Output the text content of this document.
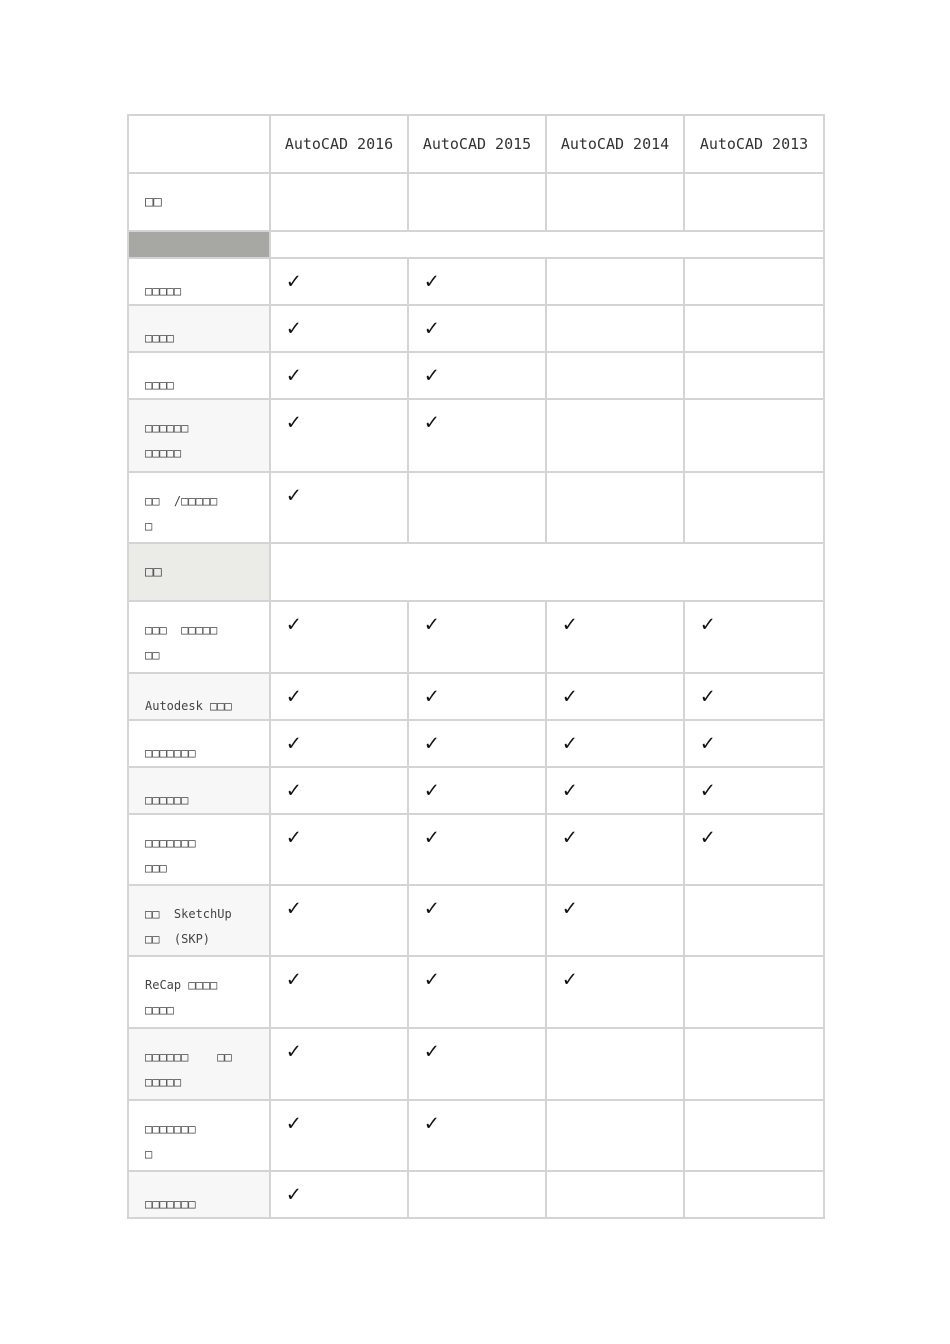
	AutoCAD 2016	AutoCAD 2015	AutoCAD 2014	AutoCAD 2013

□□				

□□□□□	✓	✓		

□□□□	✓	✓		

□□□□	✓	✓		

□□□□□□
□□□□□	✓	✓		

□□  /□□□□□
□	✓			

□□				

□□□  □□□□□
□□	✓	✓	✓	✓

Autodesk □□□	✓	✓	✓	✓

□□□□□□□	✓	✓	✓	✓

□□□□□□	✓	✓	✓	✓

□□□□□□□
□□□	✓	✓	✓	✓

□□  SketchUp
□□  (SKP)	✓	✓	✓	

ReCap □□□□
□□□□	✓	✓	✓	

□□□□□□    □□
□□□□□	✓	✓		

□□□□□□□
□	✓	✓		

□□□□□□□	✓			
